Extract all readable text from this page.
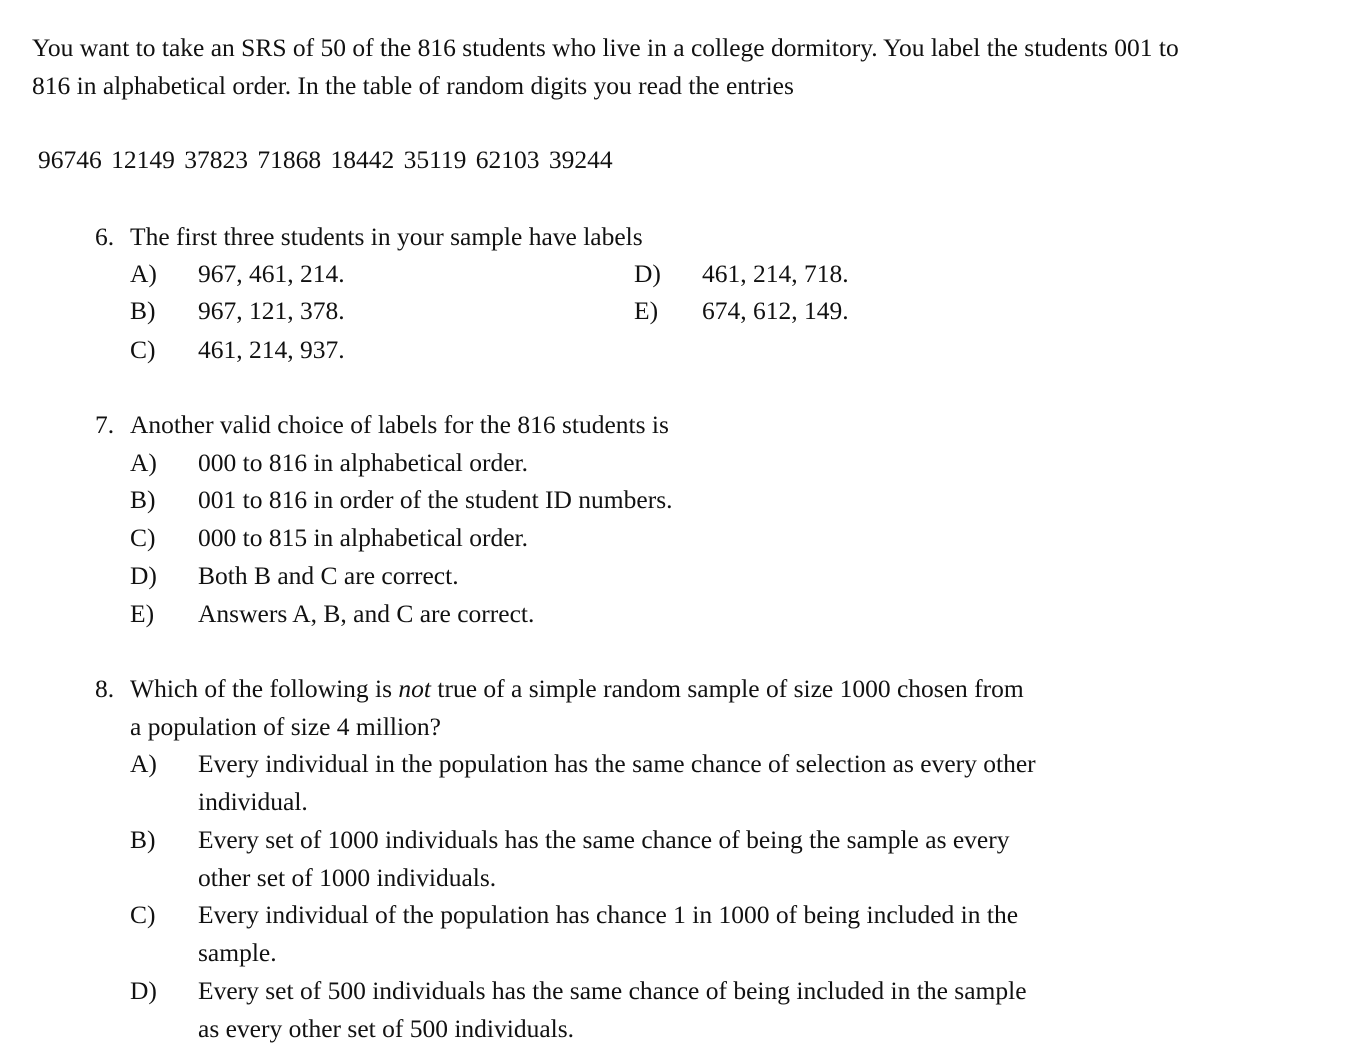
You want to take an SRS of 50 of the 816 students who live in a college dormitory. You label the students 001 to
816 in alphabetical order. In the table of random digits you read the entries
96746 12149 37823 71868 18442 35119 62103 39244
6. The first three students in your sample have labels
A) 967, 461, 214.
B) 967, 121, 378.
C) 461, 214, 937.
D) 461, 214, 718.
E) 674, 612, 149.
7. Another valid choice of labels for the 816 students is
A) 000 to 816 in alphabetical order.
B) 001 to 816 in order of the student ID numbers.
C) 000 to 815 in alphabetical order.
D) Both B and C are correct.
E) Answers A, B, and C are correct.
8. Which of the following is not true of a simple random sample of size 1000 chosen from
a population of size 4 million?
A) Every individual in the population has the same chance of selection as every other
individual.
B) Every set of 1000 individuals has the same chance of being the sample as every
other set of 1000 individuals.
C) Every individual of the population has chance 1 in 1000 of being included in the
sample.
D) Every set of 500 individuals has the same chance of being included in the sample
as every other set of 500 individuals.
